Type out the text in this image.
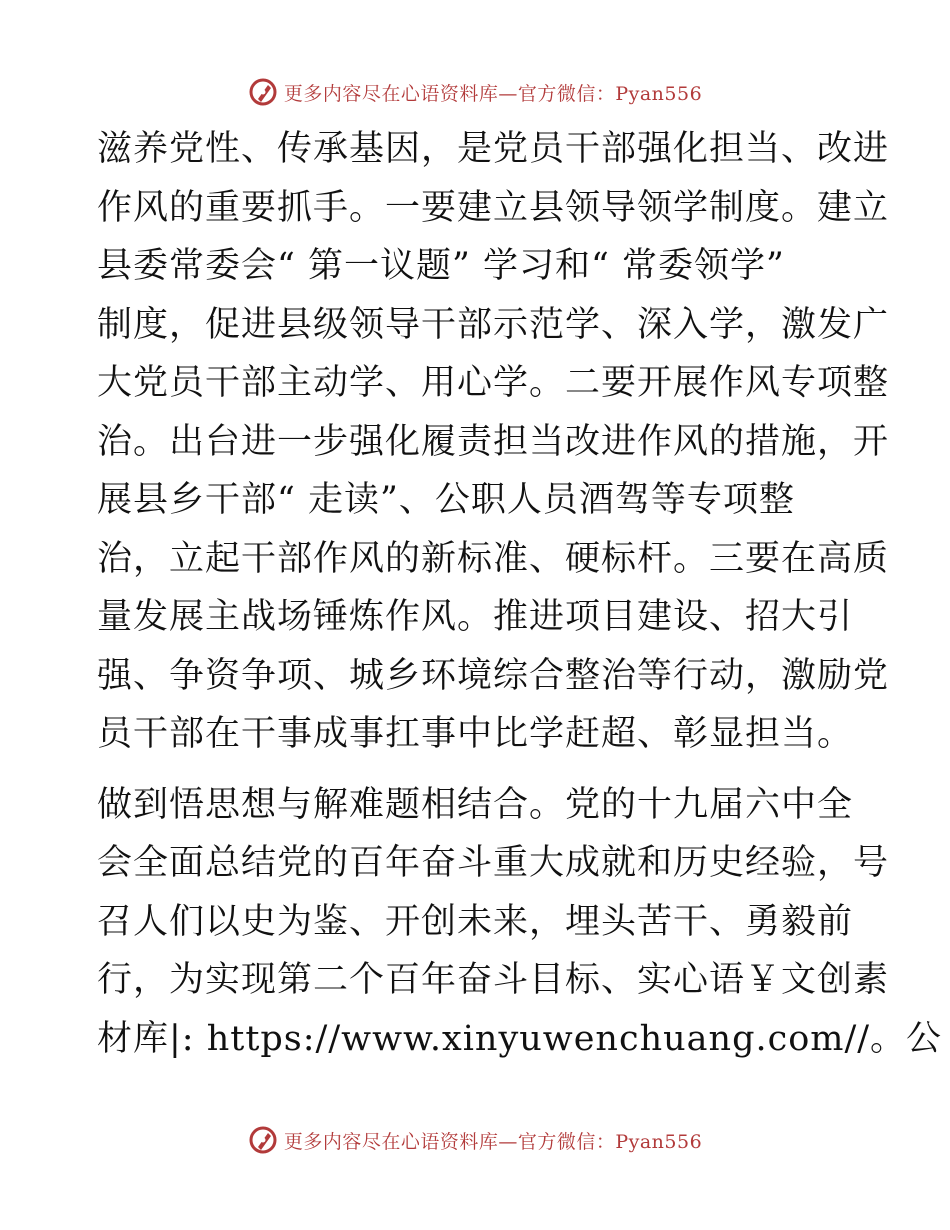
更多内容尽在心语资料库—官方微信：Pyan556
滋养党性、传承基因，是党员干部强化担当、改进
作风的重要抓手。一要建立县领导领学制度。建立
县委常委会“ 第一议题” 学习和“ 常委领学”
制度，促进县级领导干部示范学、深入学，激发广
大党员干部主动学、用心学。二要开展作风专项整
治。出台进一步强化履责担当改进作风的措施，开
展县乡干部“ 走读”、公职人员酒驾等专项整
治，立起干部作风的新标准、硬标杆。三要在高质
量发展主战场锤炼作风。推进项目建设、招大引
强、争资争项、城乡环境综合整治等行动，激励党
员干部在干事成事扛事中比学赶超、彰显担当。
做到悟思想与解难题相结合。党的十九届六中全
会全面总结党的百年奋斗重大成就和历史经验，号
召人们以史为鉴、开创未来，埋头苦干、勇毅前
行，为实现第二个百年奋斗目标、实心语￥文创素
材库|: https://www.xinyuwenchuang.com//。公
更多内容尽在心语资料库—官方微信：Pyan556
